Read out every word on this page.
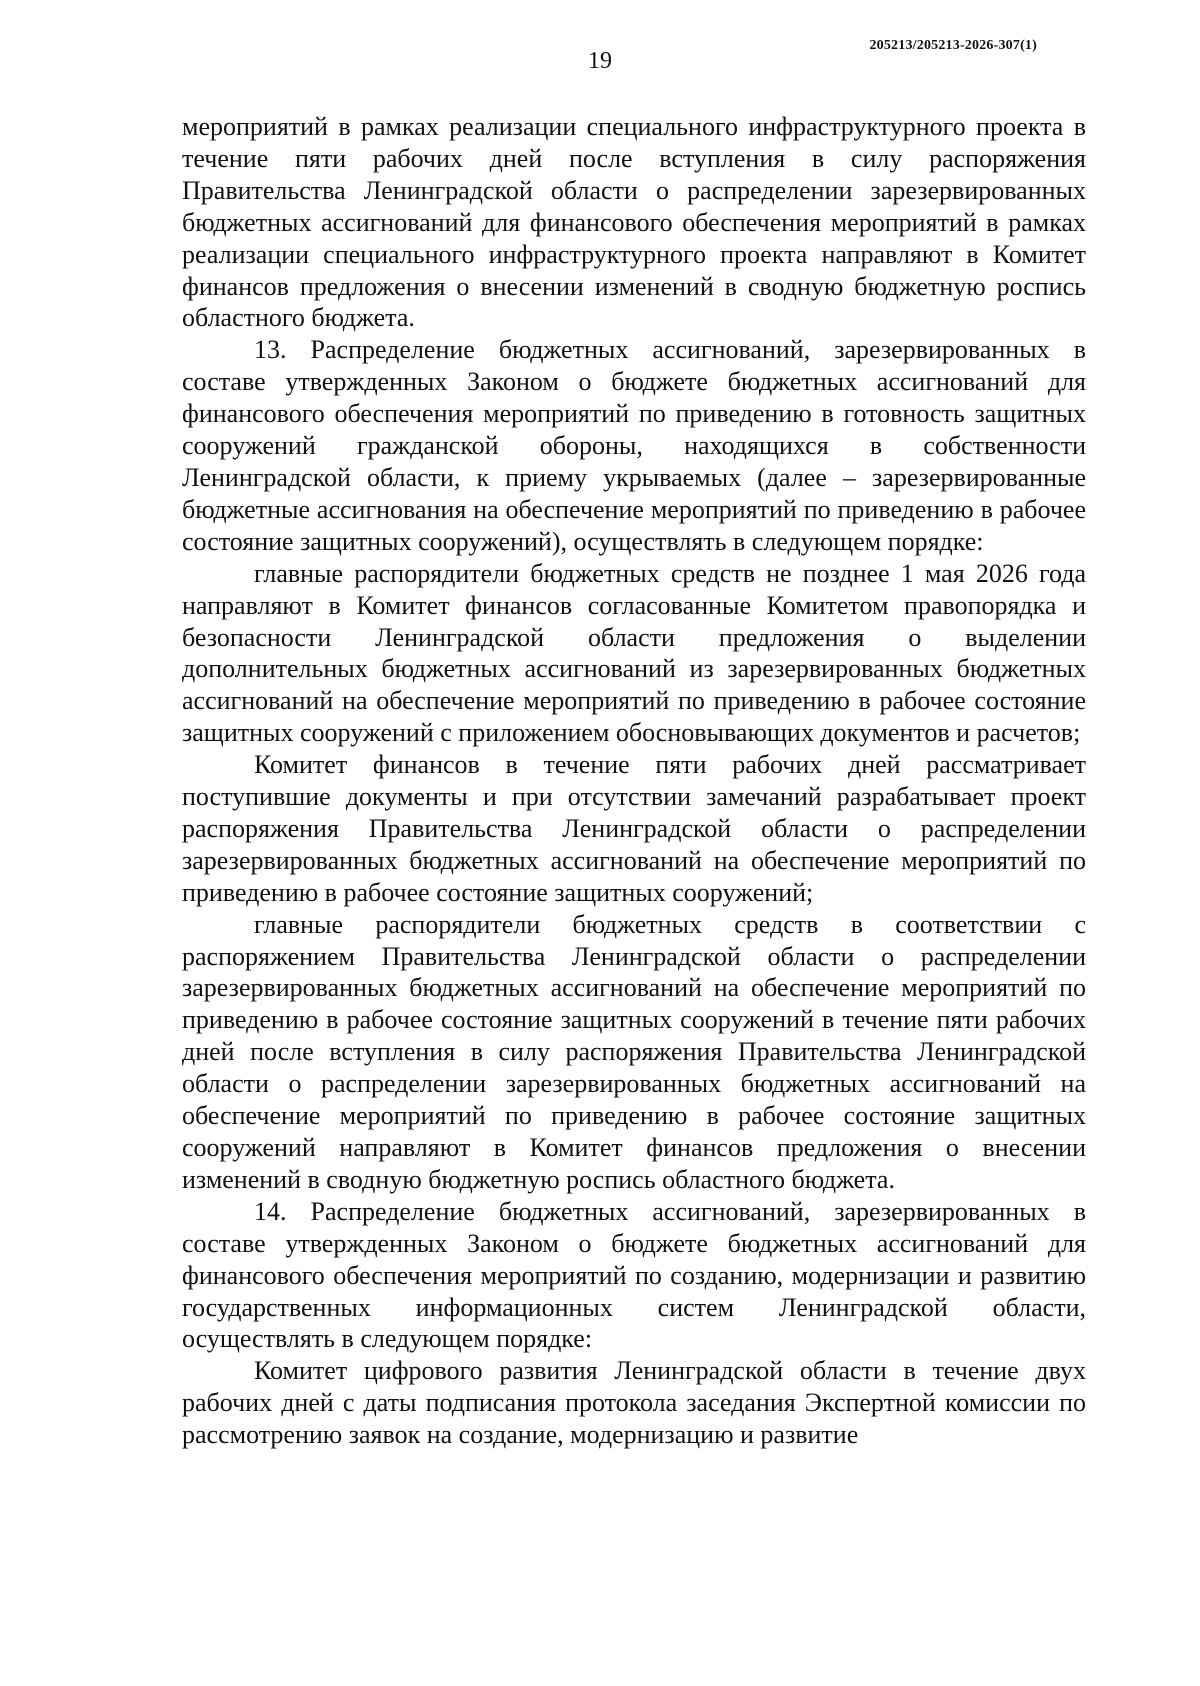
205213/205213-2026-307(1)
19

мероприятий в рамках реализации специального инфраструктурного проекта в течение пяти рабочих дней после вступления в силу распоряжения Правительства Ленинградской области о распределении зарезервированных бюджетных ассигнований для финансового обеспечения мероприятий в рамках реализации специального инфраструктурного проекта направляют в Комитет финансов предложения о внесении изменений в сводную бюджетную роспись областного бюджета.

13. Распределение бюджетных ассигнований, зарезервированных в составе утвержденных Законом о бюджете бюджетных ассигнований для финансового обеспечения мероприятий по приведению в готовность защитных сооружений гражданской обороны, находящихся в собственности Ленинградской области, к приему укрываемых (далее – зарезервированные бюджетные ассигнования на обеспечение мероприятий по приведению в рабочее состояние защитных сооружений), осуществлять в следующем порядке:

главные распорядители бюджетных средств не позднее 1 мая 2026 года направляют в Комитет финансов согласованные Комитетом правопорядка и безопасности Ленинградской области предложения о выделении дополнительных бюджетных ассигнований из зарезервированных бюджетных ассигнований на обеспечение мероприятий по приведению в рабочее состояние защитных сооружений с приложением обосновывающих документов и расчетов;

Комитет финансов в течение пяти рабочих дней рассматривает поступившие документы и при отсутствии замечаний разрабатывает проект распоряжения Правительства Ленинградской области о распределении зарезервированных бюджетных ассигнований на обеспечение мероприятий по приведению в рабочее состояние защитных сооружений;

главные распорядители бюджетных средств в соответствии с распоряжением Правительства Ленинградской области о распределении зарезервированных бюджетных ассигнований на обеспечение мероприятий по приведению в рабочее состояние защитных сооружений в течение пяти рабочих дней после вступления в силу распоряжения Правительства Ленинградской области о распределении зарезервированных бюджетных ассигнований на обеспечение мероприятий по приведению в рабочее состояние защитных сооружений направляют в Комитет финансов предложения о внесении изменений в сводную бюджетную роспись областного бюджета.

14. Распределение бюджетных ассигнований, зарезервированных в составе утвержденных Законом о бюджете бюджетных ассигнований для финансового обеспечения мероприятий по созданию, модернизации и развитию государственных информационных систем Ленинградской области, осуществлять в следующем порядке:

Комитет цифрового развития Ленинградской области в течение двух рабочих дней с даты подписания протокола заседания Экспертной комиссии по рассмотрению заявок на создание, модернизацию и развитие
